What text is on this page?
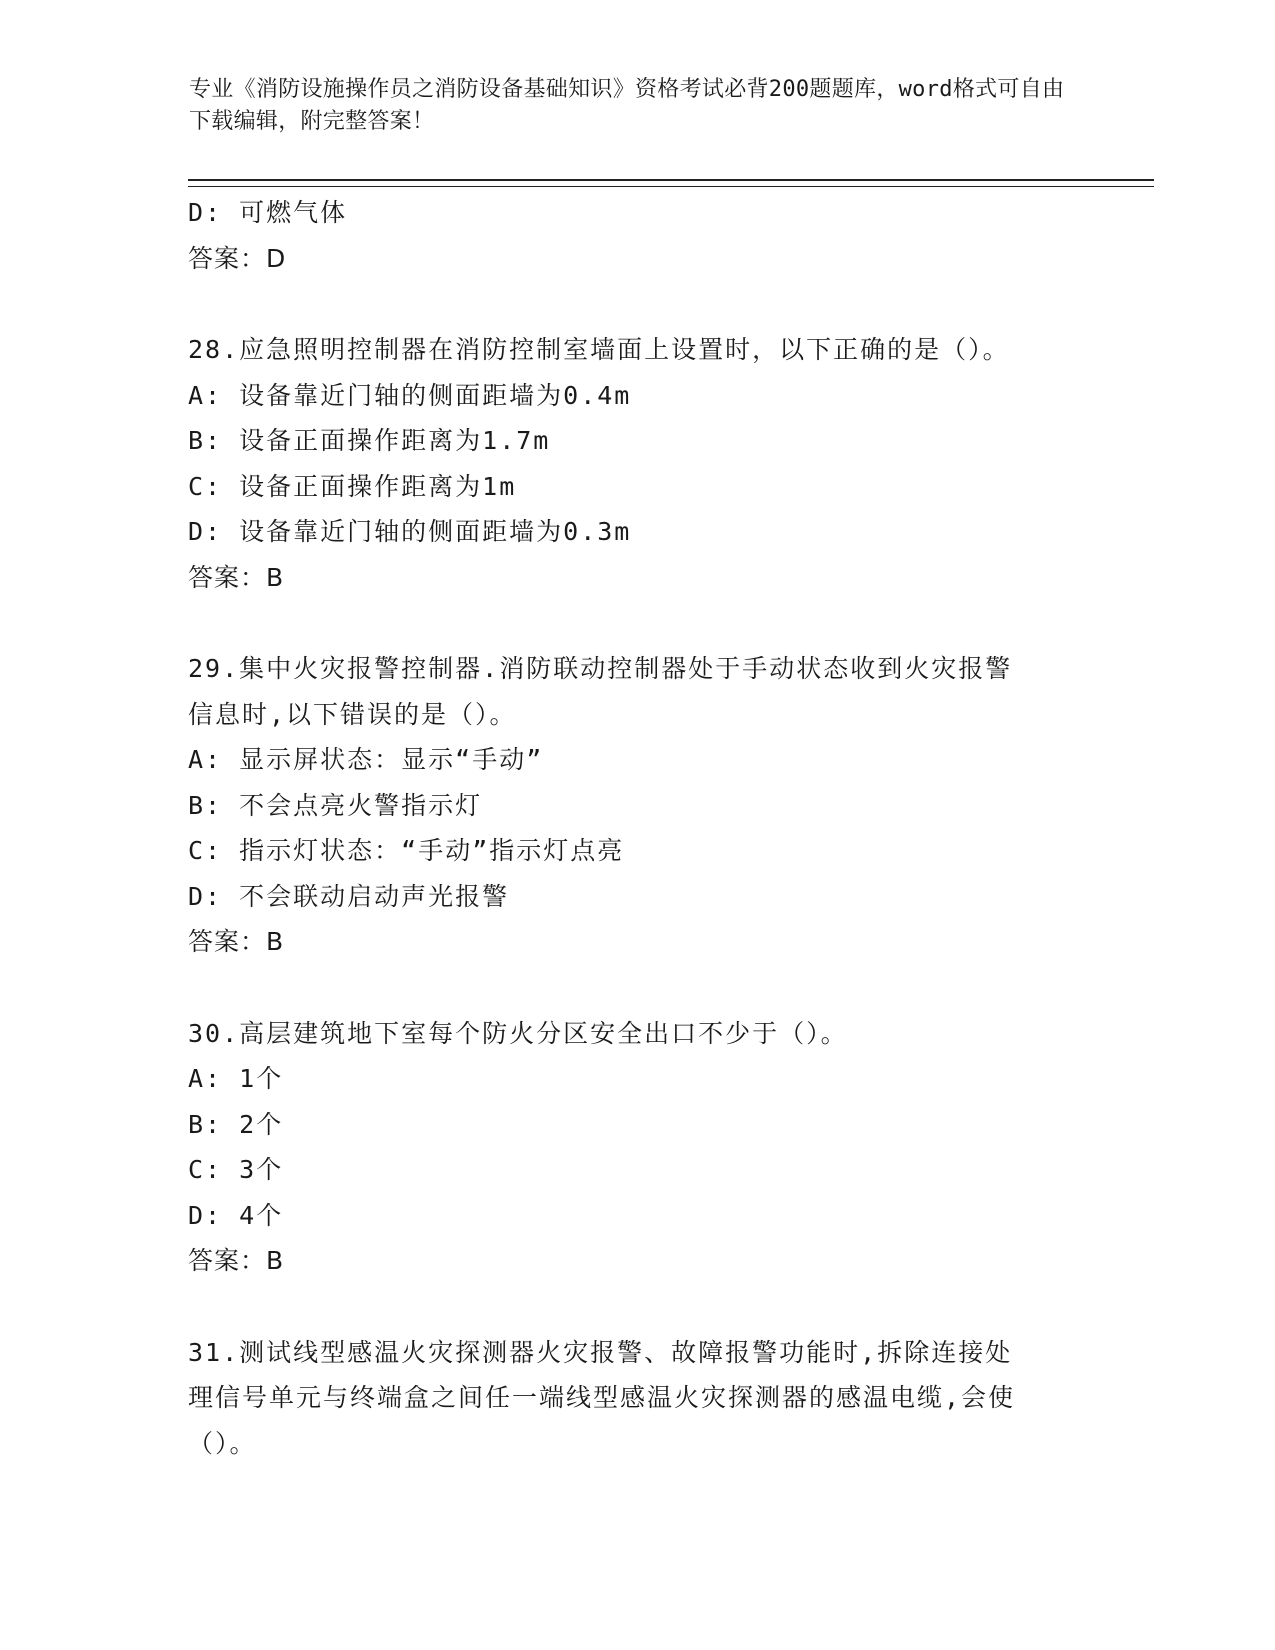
专业《消防设施操作员之消防设备基础知识》资格考试必背200题题库，word格式可自由下载编辑，附完整答案！
D: 可燃气体
答案：D
28.应急照明控制器在消防控制室墙面上设置时，以下正确的是（）。
A: 设备靠近门轴的侧面距墙为0.4m
B: 设备正面操作距离为1.7m
C: 设备正面操作距离为1m
D: 设备靠近门轴的侧面距墙为0.3m
答案：B
29.集中火灾报警控制器.消防联动控制器处于手动状态收到火灾报警
信息时,以下错误的是（）。
A: 显示屏状态：显示“手动”
B: 不会点亮火警指示灯
C: 指示灯状态：“手动”指示灯点亮
D: 不会联动启动声光报警
答案：B
30.高层建筑地下室每个防火分区安全出口不少于（）。
A: 1个
B: 2个
C: 3个
D: 4个
答案：B
31.测试线型感温火灾探测器火灾报警、故障报警功能时,拆除连接处
理信号单元与终端盒之间任一端线型感温火灾探测器的感温电缆,会使
（）。
